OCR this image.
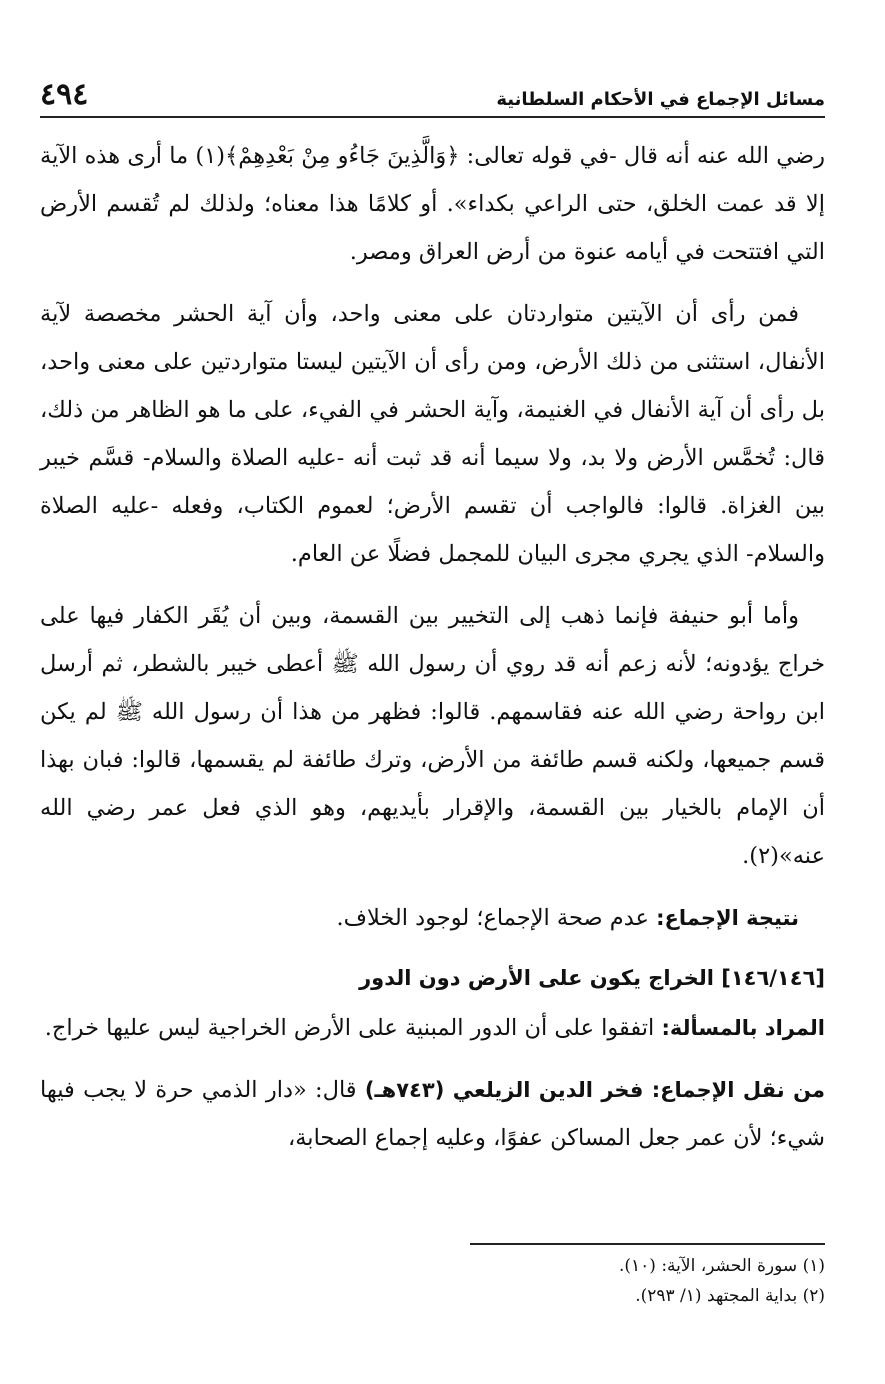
مسائل الإجماع في الأحكام السلطانية
٤٩٤

رضي الله عنه أنه قال -في قوله تعالى: ﴿وَالَّذِينَ جَاءُو مِنْ بَعْدِهِمْ﴾(١) ما أرى هذه الآية إلا قد عمت الخلق، حتى الراعي بكداء». أو كلامًا هذا معناه؛ ولذلك لم تُقسم الأرض التي افتتحت في أيامه عنوة من أرض العراق ومصر.

فمن رأى أن الآيتين متواردتان على معنى واحد، وأن آية الحشر مخصصة لآية الأنفال، استثنى من ذلك الأرض، ومن رأى أن الآيتين ليستا متواردتين على معنى واحد، بل رأى أن آية الأنفال في الغنيمة، وآية الحشر في الفيء، على ما هو الظاهر من ذلك، قال: تُخمَّس الأرض ولا بد، ولا سيما أنه قد ثبت أنه -عليه الصلاة والسلام- قسَّم خيبر بين الغزاة. قالوا: فالواجب أن تقسم الأرض؛ لعموم الكتاب، وفعله -عليه الصلاة والسلام- الذي يجري مجرى البيان للمجمل فضلًا عن العام.

وأما أبو حنيفة فإنما ذهب إلى التخيير بين القسمة، وبين أن يُقَر الكفار فيها على خراج يؤدونه؛ لأنه زعم أنه قد روي أن رسول الله ﷺ أعطى خيبر بالشطر، ثم أرسل ابن رواحة رضي الله عنه فقاسمهم. قالوا: فظهر من هذا أن رسول الله ﷺ لم يكن قسم جميعها، ولكنه قسم طائفة من الأرض، وترك طائفة لم يقسمها، قالوا: فبان بهذا أن الإمام بالخيار بين القسمة، والإقرار بأيديهم، وهو الذي فعل عمر رضي الله عنه»(٢).

نتيجة الإجماع: عدم صحة الإجماع؛ لوجود الخلاف.

[١٤٦/١٤٦] الخراج يكون على الأرض دون الدور

المراد بالمسألة: اتفقوا على أن الدور المبنية على الأرض الخراجية ليس عليها خراج.

من نقل الإجماع: فخر الدين الزيلعي (٧٤٣هـ) قال: «دار الذمي حرة لا يجب فيها شيء؛ لأن عمر جعل المساكن عفوًا، وعليه إجماع الصحابة،

(١) سورة الحشر، الآية: (١٠).

(٢) بداية المجتهد (١/ ٢٩٣).
